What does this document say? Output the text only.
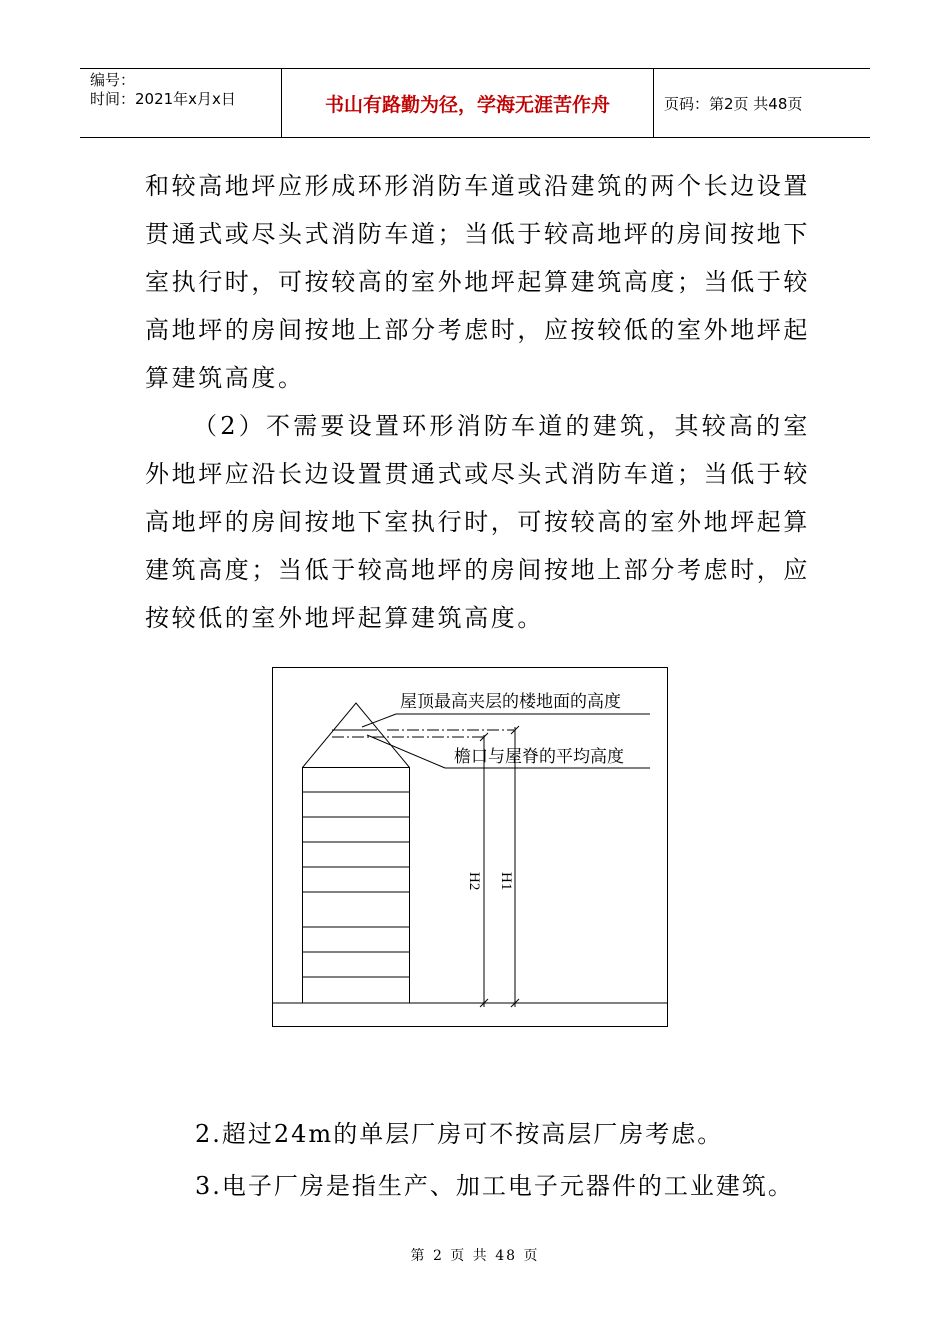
编号：
时间：2021年x月x日	书山有路勤为径，学海无涯苦作舟	页码：第2页 共48页

和较高地坪应形成环形消防车道或沿建筑的两个长边设置贯通式或尽头式消防车道；当低于较高地坪的房间按地下室执行时，可按较高的室外地坪起算建筑高度；当低于较高地坪的房间按地上部分考虑时，应按较低的室外地坪起算建筑高度。

（2）不需要设置环形消防车道的建筑，其较高的室外地坪应沿长边设置贯通式或尽头式消防车道；当低于较高地坪的房间按地下室执行时，可按较高的室外地坪起算建筑高度；当低于较高地坪的房间按地上部分考虑时，应按较低的室外地坪起算建筑高度。

屋顶最高夹层的楼地面的高度
檐口与屋脊的平均高度
H2 H1
2.超过24m的单层厂房可不按高层厂房考虑。
3.电子厂房是指生产、加工电子元器件的工业建筑。
第 2 页 共 48 页
